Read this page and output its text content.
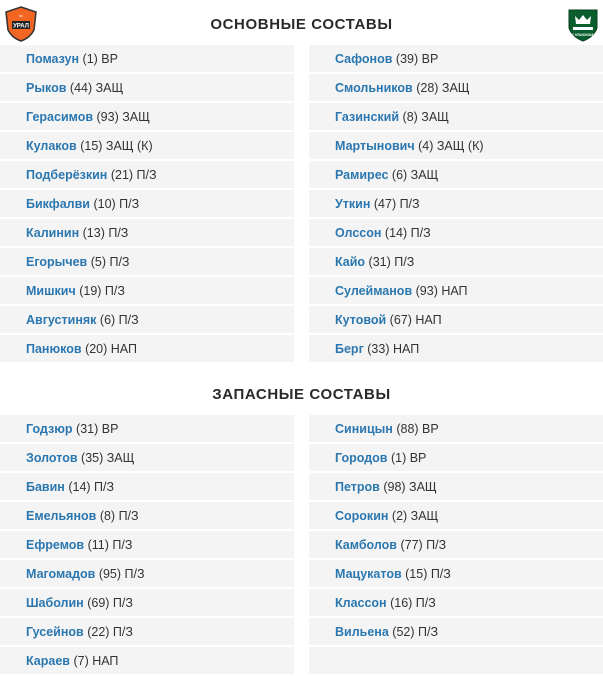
УРАЛ
ФК
FC KRASNODAR
ОСНОВНЫЕ СОСТАВЫ
Помазун (1) ВР
Рыков (44) ЗАЩ
Герасимов (93) ЗАЩ
Кулаков (15) ЗАЩ (К)
Подберёзкин (21) П/З
Бикфалви (10) П/З
Калинин (13) П/З
Егорычев (5) П/З
Мишкич (19) П/З
Августиняк (6) П/З
Панюков (20) НАП
Сафонов (39) ВР
Смольников (28) ЗАЩ
Газинский (8) ЗАЩ
Мартынович (4) ЗАЩ (К)
Рамирес (6) ЗАЩ
Уткин (47) П/З
Олссон (14) П/З
Кайо (31) П/З
Сулейманов (93) НАП
Кутовой (67) НАП
Берг (33) НАП
ЗАПАСНЫЕ СОСТАВЫ
Годзюр (31) ВР
Золотов (35) ЗАЩ
Бавин (14) П/З
Емельянов (8) П/З
Ефремов (11) П/З
Магомадов (95) П/З
Шаболин (69) П/З
Гусейнов (22) П/З
Караев (7) НАП
Синицын (88) ВР
Городов (1) ВР
Петров (98) ЗАЩ
Сорокин (2) ЗАЩ
Камболов (77) П/З
Мацукатов (15) П/З
Классон (16) П/З
Вильена (52) П/З
